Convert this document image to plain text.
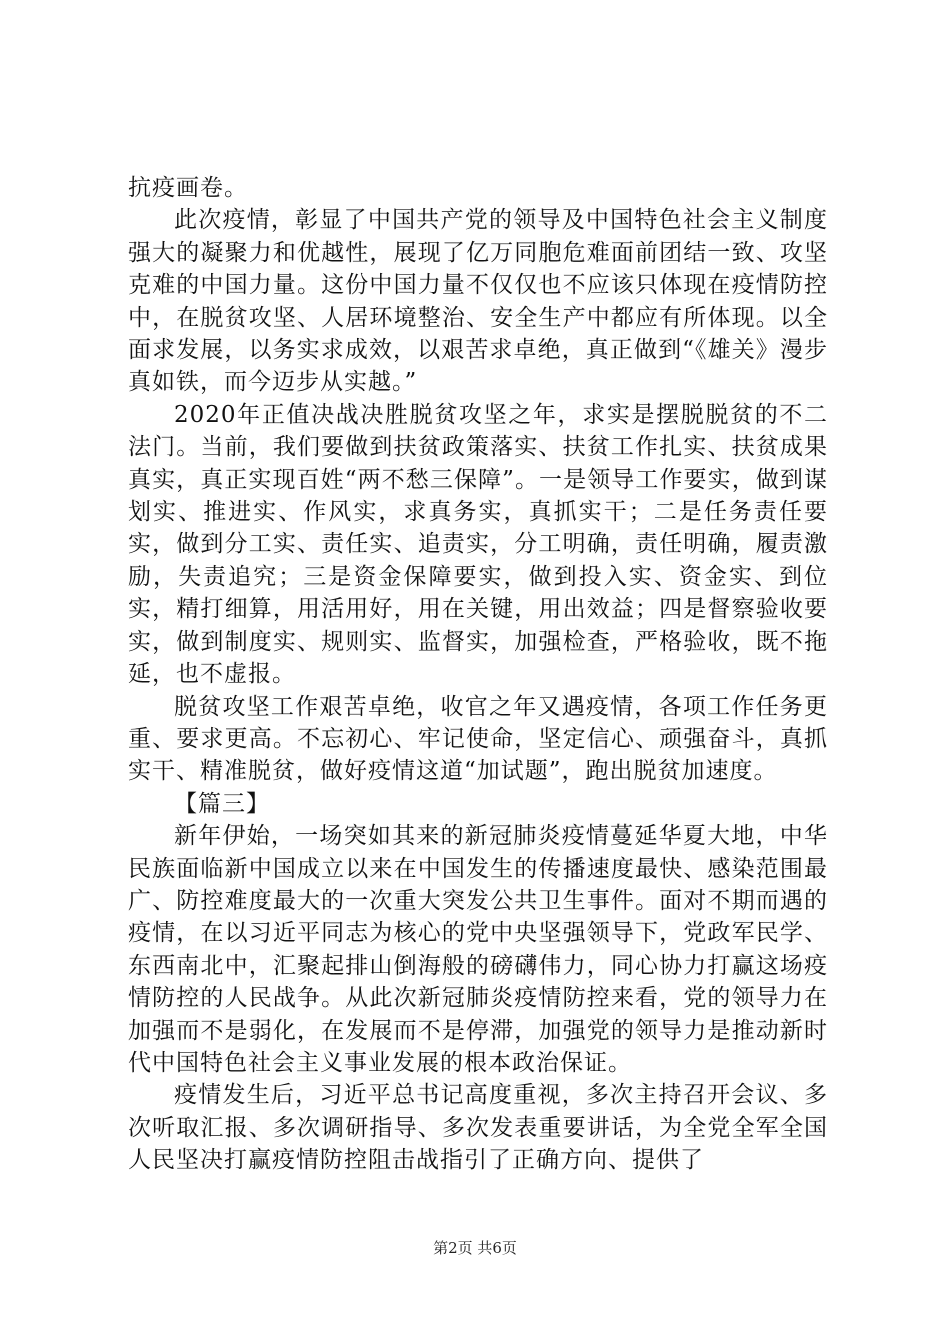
抗疫画卷。

此次疫情，彰显了中国共产党的领导及中国特色社会主义制度强大的凝聚力和优越性，展现了亿万同胞危难面前团结一致、攻坚克难的中国力量。这份中国力量不仅仅也不应该只体现在疫情防控中，在脱贫攻坚、人居环境整治、安全生产中都应有所体现。以全面求发展，以务实求成效，以艰苦求卓绝，真正做到“《雄关》漫步真如铁，而今迈步从实越。”

2020年正值决战决胜脱贫攻坚之年，求实是摆脱脱贫的不二法门。当前，我们要做到扶贫政策落实、扶贫工作扎实、扶贫成果真实，真正实现百姓“两不愁三保障”。一是领导工作要实，做到谋划实、推进实、作风实，求真务实，真抓实干；二是任务责任要实，做到分工实、责任实、追责实，分工明确，责任明确，履责激励，失责追究；三是资金保障要实，做到投入实、资金实、到位实，精打细算，用活用好，用在关键，用出效益；四是督察验收要实，做到制度实、规则实、监督实，加强检查，严格验收，既不拖延，也不虚报。

脱贫攻坚工作艰苦卓绝，收官之年又遇疫情，各项工作任务更重、要求更高。不忘初心、牢记使命，坚定信心、顽强奋斗，真抓实干、精准脱贫，做好疫情这道“加试题”，跑出脱贫加速度。

【篇三】

新年伊始，一场突如其来的新冠肺炎疫情蔓延华夏大地，中华民族面临新中国成立以来在中国发生的传播速度最快、感染范围最广、防控难度最大的一次重大突发公共卫生事件。面对不期而遇的疫情，在以习近平同志为核心的党中央坚强领导下，党政军民学、东西南北中，汇聚起排山倒海般的磅礴伟力，同心协力打赢这场疫情防控的人民战争。从此次新冠肺炎疫情防控来看，党的领导力在加强而不是弱化，在发展而不是停滞，加强党的领导力是推动新时代中国特色社会主义事业发展的根本政治保证。

疫情发生后，习近平总书记高度重视，多次主持召开会议、多次听取汇报、多次调研指导、多次发表重要讲话，为全党全军全国人民坚决打赢疫情防控阻击战指引了正确方向、提供了

第2页 共6页
